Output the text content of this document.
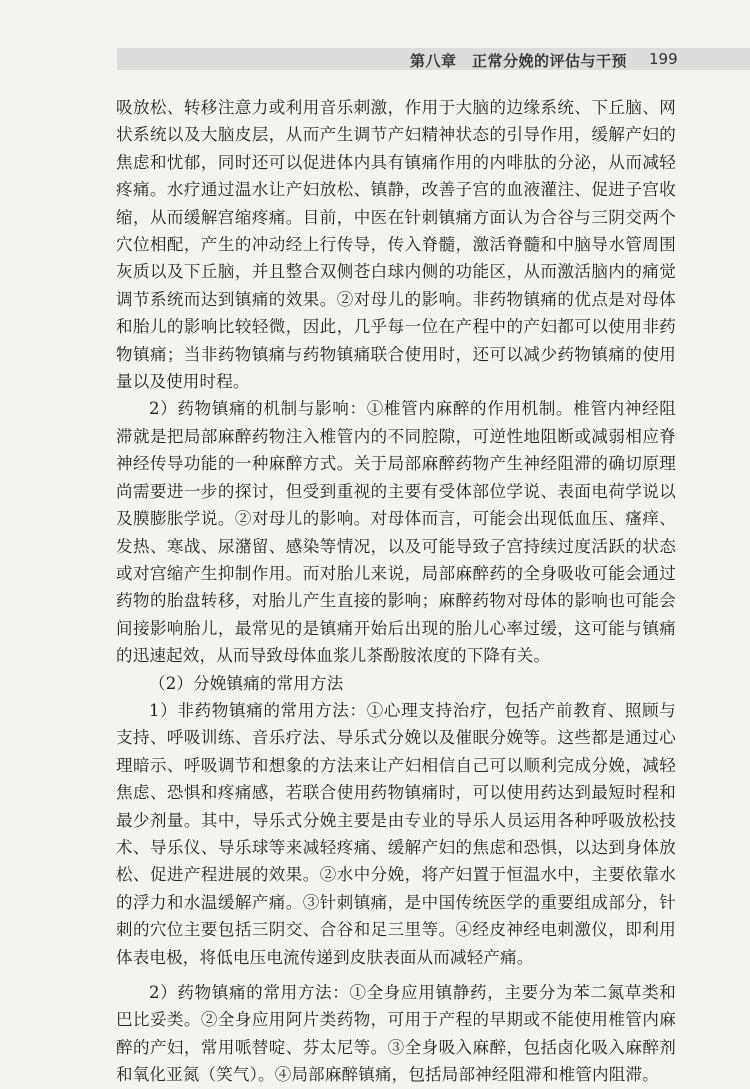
第八章　正常分娩的评估与干预 199

吸放松、转移注意力或利用音乐刺激，作用于大脑的边缘系统、下丘脑、网状系统以及大脑皮层，从而产生调节产妇精神状态的引导作用，缓解产妇的焦虑和忧郁，同时还可以促进体内具有镇痛作用的内啡肽的分泌，从而减轻疼痛。水疗通过温水让产妇放松、镇静，改善子宫的血液灌注、促进子宫收缩，从而缓解宫缩疼痛。目前，中医在针刺镇痛方面认为合谷与三阴交两个穴位相配，产生的冲动经上行传导，传入脊髓，激活脊髓和中脑导水管周围灰质以及下丘脑，并且整合双侧苍白球内侧的功能区，从而激活脑内的痛觉调节系统而达到镇痛的效果。②对母儿的影响。非药物镇痛的优点是对母体和胎儿的影响比较轻微，因此，几乎每一位在产程中的产妇都可以使用非药物镇痛；当非药物镇痛与药物镇痛联合使用时，还可以减少药物镇痛的使用量以及使用时程。

2）药物镇痛的机制与影响：①椎管内麻醉的作用机制。椎管内神经阻滞就是把局部麻醉药物注入椎管内的不同腔隙，可逆性地阻断或减弱相应脊神经传导功能的一种麻醉方式。关于局部麻醉药物产生神经阻滞的确切原理尚需要进一步的探讨，但受到重视的主要有受体部位学说、表面电荷学说以及膜膨胀学说。②对母儿的影响。对母体而言，可能会出现低血压、瘙痒、发热、寒战、尿潴留、感染等情况，以及可能导致子宫持续过度活跃的状态或对宫缩产生抑制作用。而对胎儿来说，局部麻醉药的全身吸收可能会通过药物的胎盘转移，对胎儿产生直接的影响；麻醉药物对母体的影响也可能会间接影响胎儿，最常见的是镇痛开始后出现的胎儿心率过缓，这可能与镇痛的迅速起效，从而导致母体血浆儿茶酚胺浓度的下降有关。

（2）分娩镇痛的常用方法

1）非药物镇痛的常用方法：①心理支持治疗，包括产前教育、照顾与支持、呼吸训练、音乐疗法、导乐式分娩以及催眠分娩等。这些都是通过心理暗示、呼吸调节和想象的方法来让产妇相信自己可以顺利完成分娩，减轻焦虑、恐惧和疼痛感，若联合使用药物镇痛时，可以使用药达到最短时程和最少剂量。其中，导乐式分娩主要是由专业的导乐人员运用各种呼吸放松技术、导乐仪、导乐球等来减轻疼痛、缓解产妇的焦虑和恐惧，以达到身体放松、促进产程进展的效果。②水中分娩，将产妇置于恒温水中，主要依靠水的浮力和水温缓解产痛。③针刺镇痛，是中国传统医学的重要组成部分，针刺的穴位主要包括三阴交、合谷和足三里等。④经皮神经电刺激仪，即利用体表电极，将低电压电流传递到皮肤表面从而减轻产痛。

2）药物镇痛的常用方法：①全身应用镇静药，主要分为苯二氮草类和巴比妥类。②全身应用阿片类药物，可用于产程的早期或不能使用椎管内麻醉的产妇，常用哌替啶、芬太尼等。③全身吸入麻醉，包括卤化吸入麻醉剂和氧化亚氮（笑气）。④局部麻醉镇痛，包括局部神经阻滞和椎管内阻滞。
